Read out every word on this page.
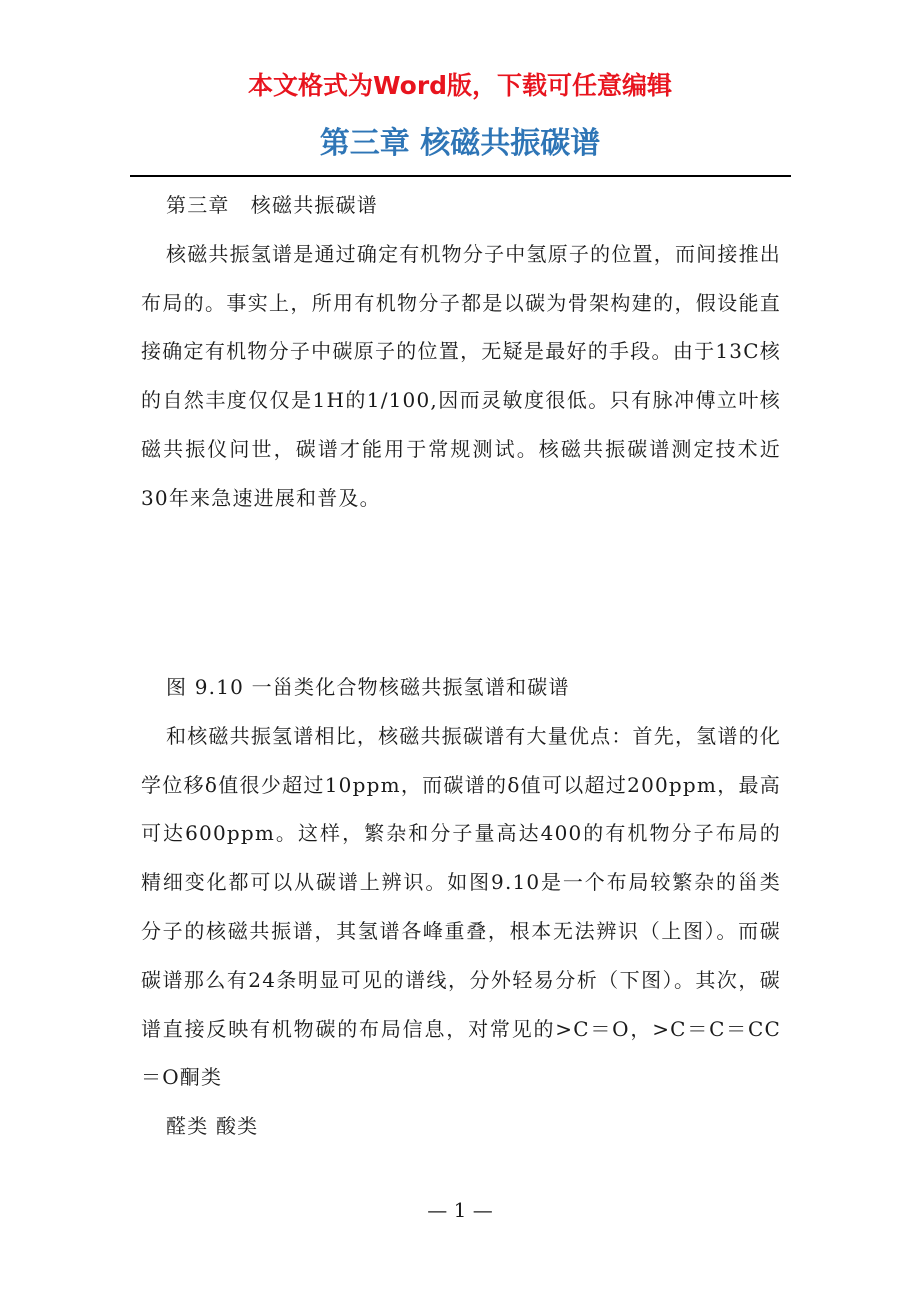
本文格式为Word版，下载可任意编辑
第三章 核磁共振碳谱

第三章　核磁共振碳谱

核磁共振氢谱是通过确定有机物分子中氢原子的位置，而间接推出布局的。事实上，所用有机物分子都是以碳为骨架构建的，假设能直接确定有机物分子中碳原子的位置，无疑是最好的手段。由于13C核的自然丰度仅仅是1H的1/100,因而灵敏度很低。只有脉冲傅立叶核磁共振仪问世，碳谱才能用于常规测试。核磁共振碳谱测定技术近30年来急速进展和普及。

图 9.10 一甾类化合物核磁共振氢谱和碳谱

和核磁共振氢谱相比，核磁共振碳谱有大量优点：首先，氢谱的化学位移δ值很少超过10ppm，而碳谱的δ值可以超过200ppm，最高可达600ppm。这样，繁杂和分子量高达400的有机物分子布局的精细变化都可以从碳谱上辨识。如图9.10是一个布局较繁杂的甾类分子的核磁共振谱，其氢谱各峰重叠，根本无法辨识（上图）。而碳碳谱那么有24条明显可见的谱线，分外轻易分析（下图）。其次，碳谱直接反映有机物碳的布局信息，对常见的>C＝O，>C＝C＝CC＝O酮类

醛类 酸类

— 1 —
